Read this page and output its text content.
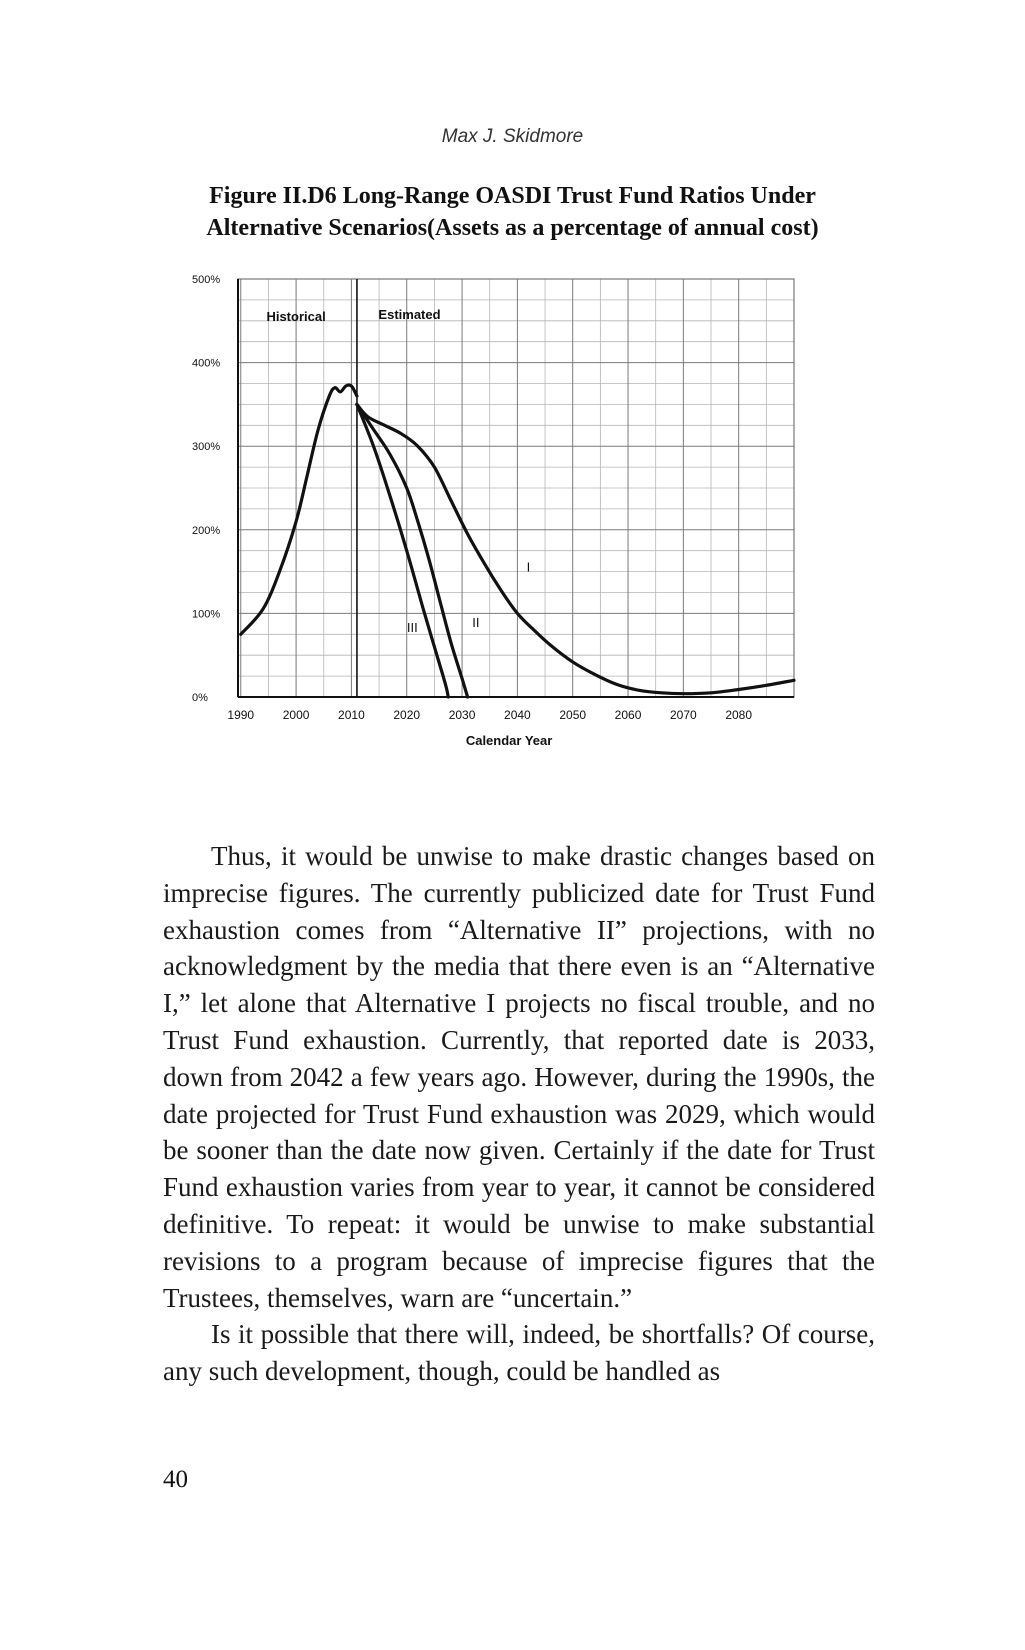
Max J. Skidmore
Figure II.D6 Long-Range OASDI Trust Fund Ratios Under
Alternative Scenarios(Assets as a percentage of annual cost)
0%
100%
200%
300%
400%
500%
1990 2000 2010 2020 2030 2040 2050 2060 2070 2080
Calendar Year
Historical	Estimated
I
II
III

Thus, it would be unwise to make drastic changes based on imprecise figures. The currently publicized date for Trust Fund exhaustion comes from “Alternative II” projections, with no acknowledgment by the media that there even is an “Alternative I,” let alone that Alternative I projects no fiscal trouble, and no Trust Fund exhaustion. Currently, that reported date is 2033, down from 2042 a few years ago. However, during the 1990s, the date projected for Trust Fund exhaustion was 2029, which would be sooner than the date now given. Certainly if the date for Trust Fund exhaustion varies from year to year, it cannot be considered definitive. To repeat: it would be unwise to make substantial revisions to a program because of imprecise figures that the Trustees, themselves, warn are “uncertain.”

Is it possible that there will, indeed, be shortfalls? Of course, any such development, though, could be handled as

40
